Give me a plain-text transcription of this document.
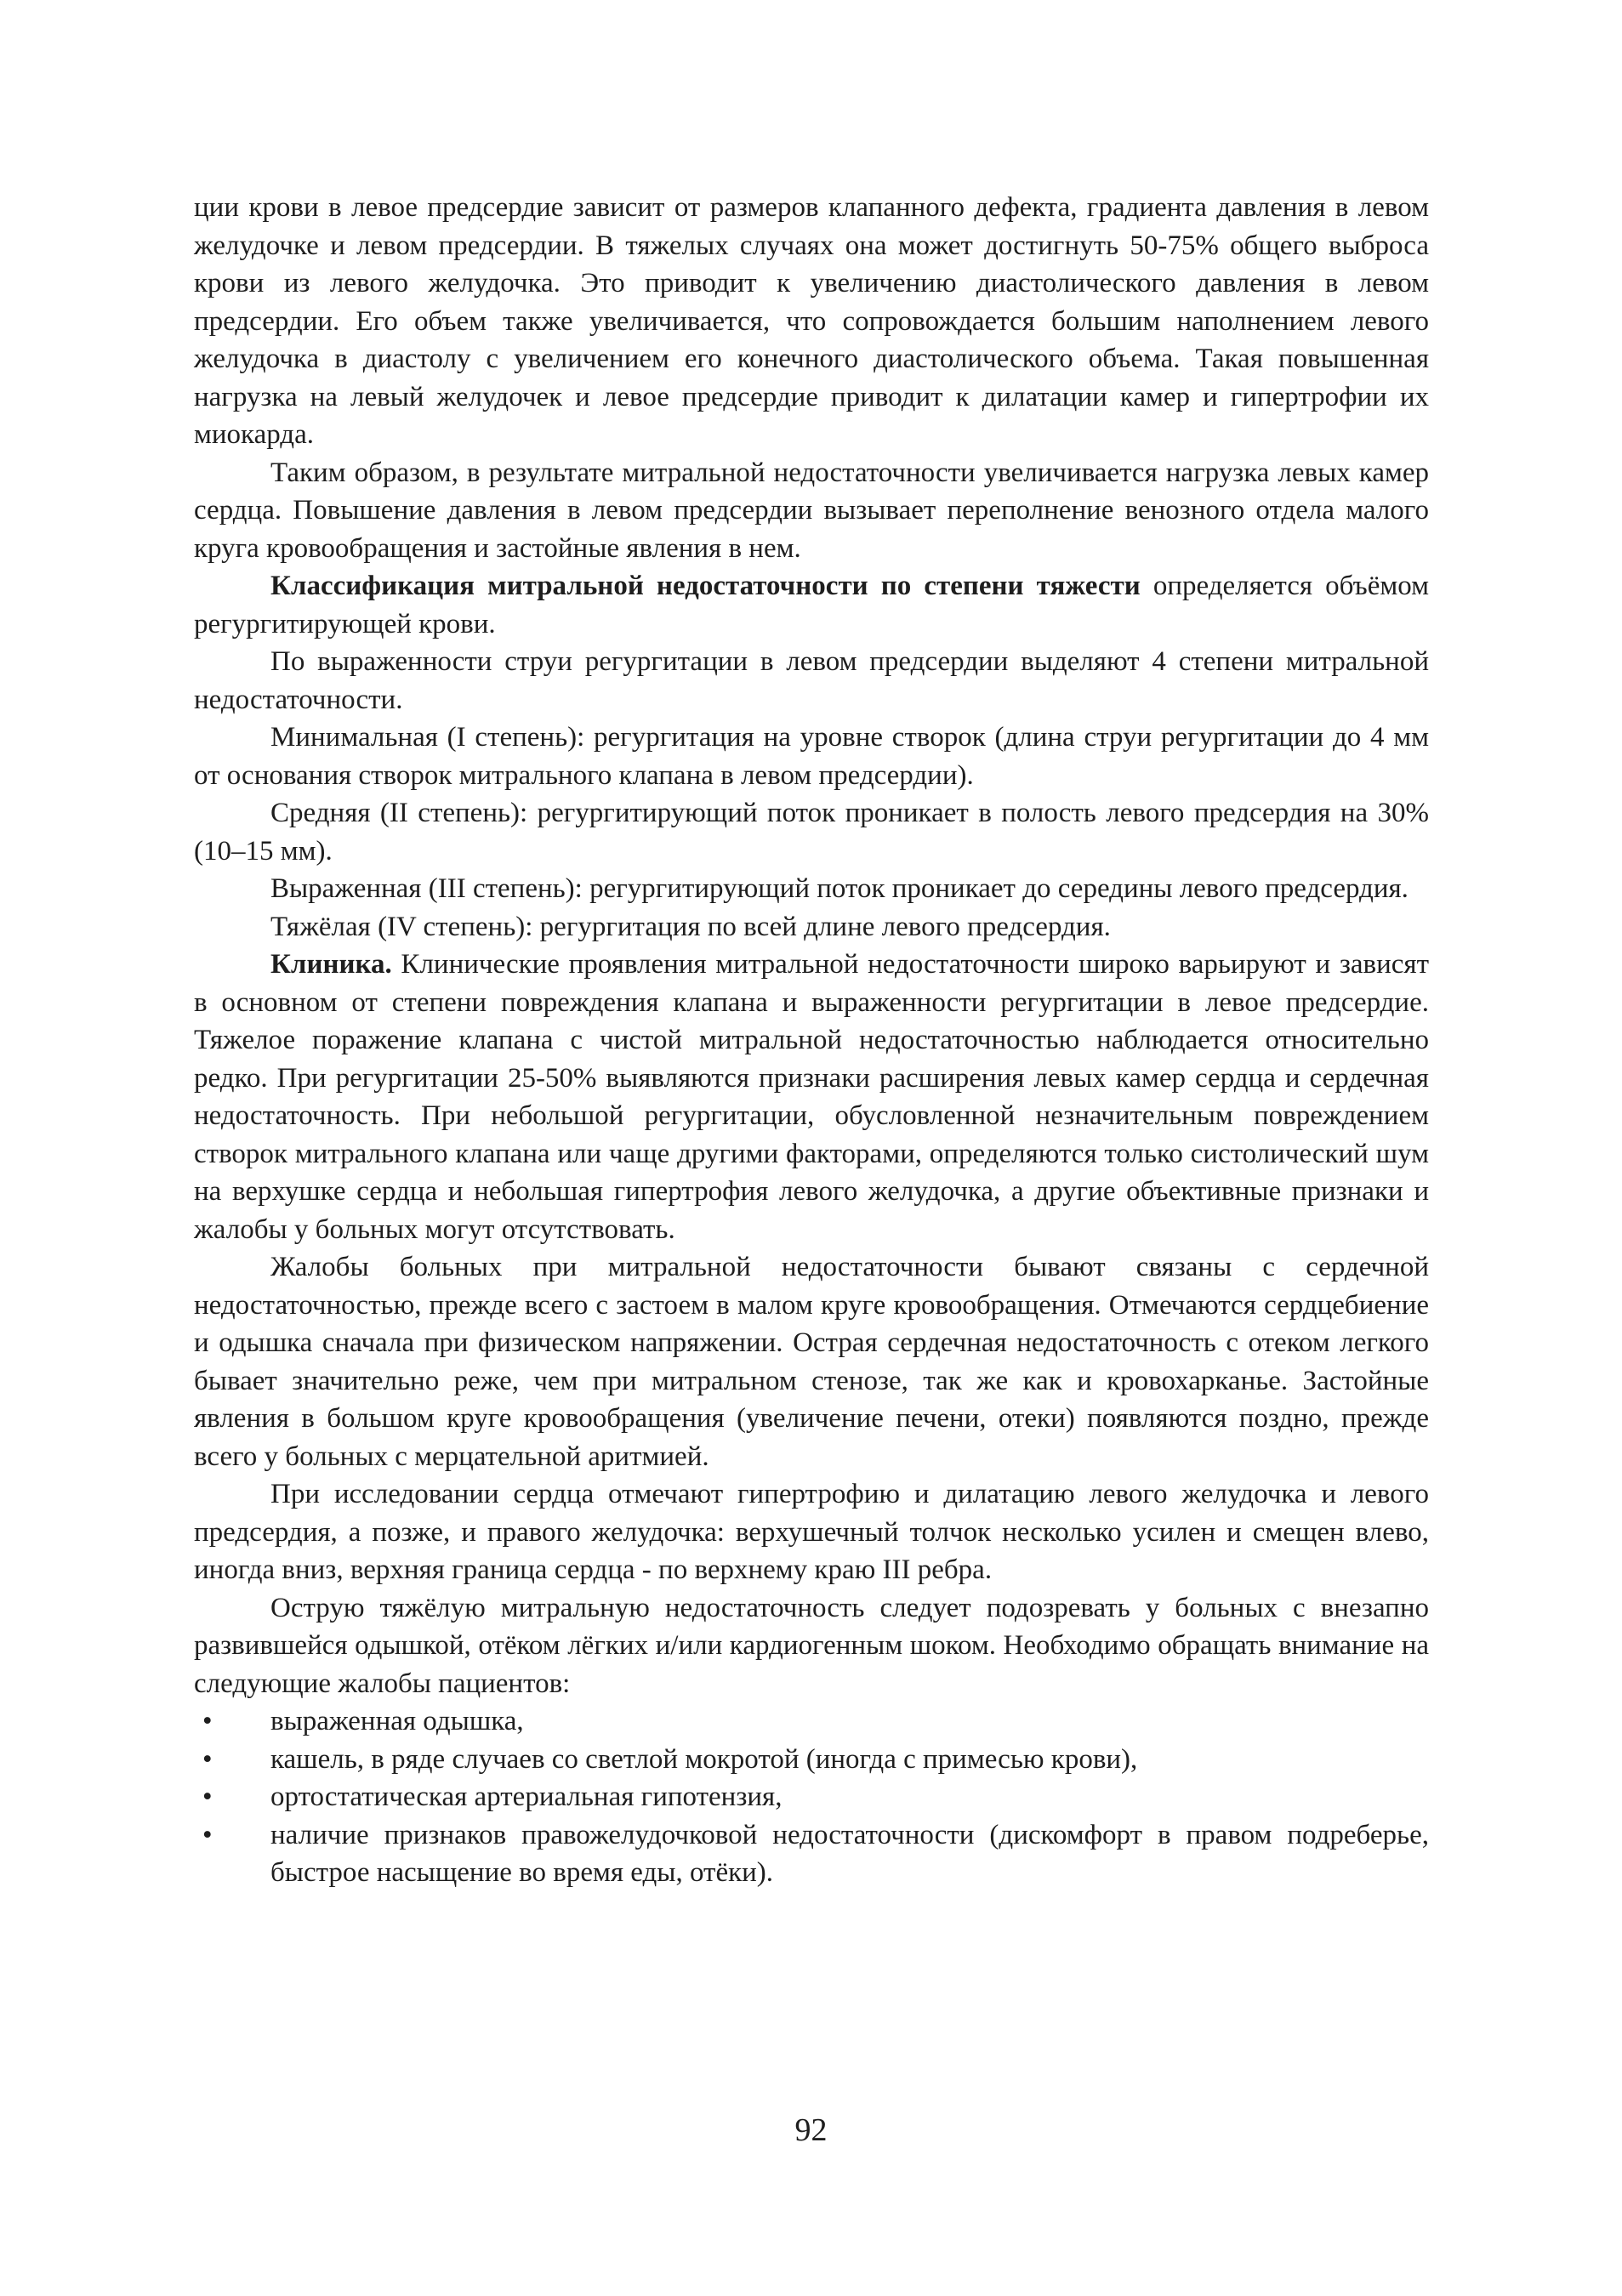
ции крови в левое предсердие зависит от размеров клапанного дефекта, градиента давления в левом желудочке и левом предсердии. В тяжелых случаях она может достигнуть 50-75% общего выброса крови из левого желудочка. Это приводит к увеличению диастолического давления в левом предсердии. Его объем также увеличивается, что сопровождается большим наполнением левого желудочка в диастолу с увеличением его конечного диастолического объема. Такая повышенная нагрузка на левый желудочек и левое предсердие приводит к дилатации камер и гипертрофии их миокарда.

Таким образом, в результате митральной недостаточности увеличивается нагрузка левых камер сердца. Повышение давления в левом предсердии вызывает переполнение венозного отдела малого круга кровообращения и застойные явления в нем.

Классификация митральной недостаточности по степени тяжести определяется объёмом регургитирующей крови.

По выраженности струи регургитации в левом предсердии выделяют 4 степени митральной недостаточности.

Минимальная (I степень): регургитация на уровне створок (длина струи регургитации до 4 мм от основания створок митрального клапана в левом предсердии).

Средняя (II степень): регургитирующий поток проникает в полость левого предсердия на 30% (10–15 мм).

Выраженная (III степень): регургитирующий поток проникает до середины левого предсердия.

Тяжёлая (IV степень): регургитация по всей длине левого предсердия.

Клиника. Клинические проявления митральной недостаточности широко варьируют и зависят в основном от степени повреждения клапана и выраженности регургитации в левое предсердие. Тяжелое поражение клапана с чистой митральной недостаточностью наблюдается относительно редко. При регургитации 25-50% выявляются признаки расширения левых камер сердца и сердечная недостаточность. При небольшой регургитации, обусловленной незначительным повреждением створок митрального клапана или чаще другими факторами, определяются только систолический шум на верхушке сердца и небольшая гипертрофия левого желудочка, а другие объективные признаки и жалобы у больных могут отсутствовать.

Жалобы больных при митральной недостаточности бывают связаны с сердечной недостаточностью, прежде всего с застоем в малом круге кровообращения. Отмечаются сердцебиение и одышка сначала при физическом напряжении. Острая сердечная недостаточность с отеком легкого бывает значительно реже, чем при митральном стенозе, так же как и кровохарканье. Застойные явления в большом круге кровообращения (увеличение печени, отеки) появляются поздно, прежде всего у больных с мерцательной аритмией.

При исследовании сердца отмечают гипертрофию и дилатацию левого желудочка и левого предсердия, а позже, и правого желудочка: верхушечный толчок несколько усилен и смещен влево, иногда вниз, верхняя граница сердца - по верхнему краю III ребра.

Острую тяжёлую митральную недостаточность следует подозревать у больных с внезапно развившейся одышкой, отёком лёгких и/или кардиогенным шоком. Необходимо обращать внимание на следующие жалобы пациентов:

• выраженная одышка,
• кашель, в ряде случаев со светлой мокротой (иногда с примесью крови),
• ортостатическая артериальная гипотензия,
• наличие признаков правожелудочковой недостаточности (дискомфорт в правом подреберье, быстрое насыщение во время еды, отёки).
92
